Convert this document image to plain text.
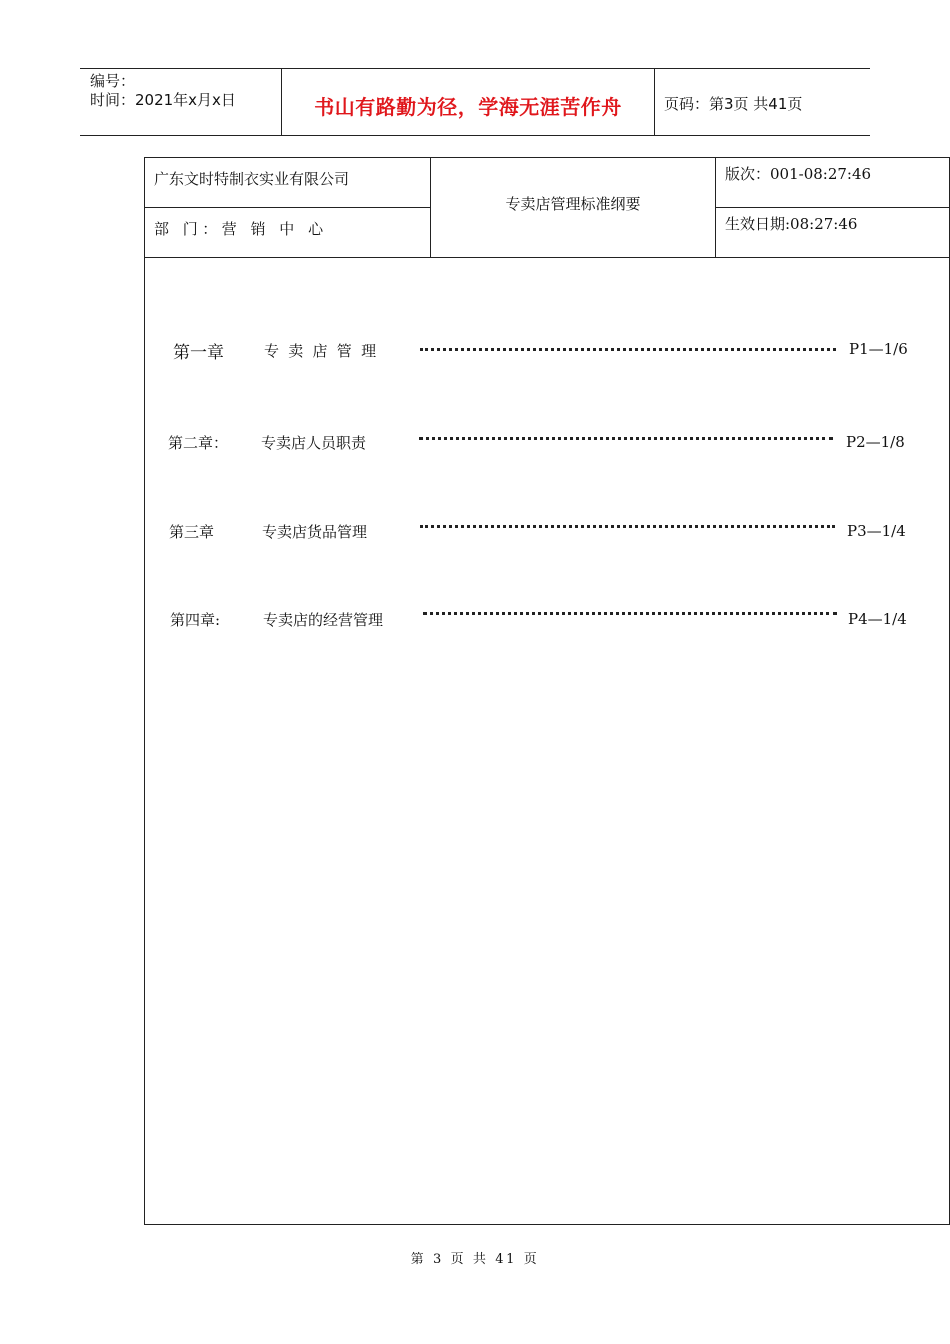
编号：
时间：2021年x月x日	书山有路勤为径，学海无涯苦作舟	页码：第3页 共41页
广东文时特制衣实业有限公司
部 门：营 销 中 心
专卖店管理标准纲要
版次：001-08:27:46
生效日期:08:27:46
第一章	专 卖 店 管 理	P1—1/6
第二章： 专卖店人员职责	P2—1/8
第三章	专卖店货品管理	P3—1/4
第四章:	专卖店的经营管理	P4—1/4
第 3 页 共 41 页
